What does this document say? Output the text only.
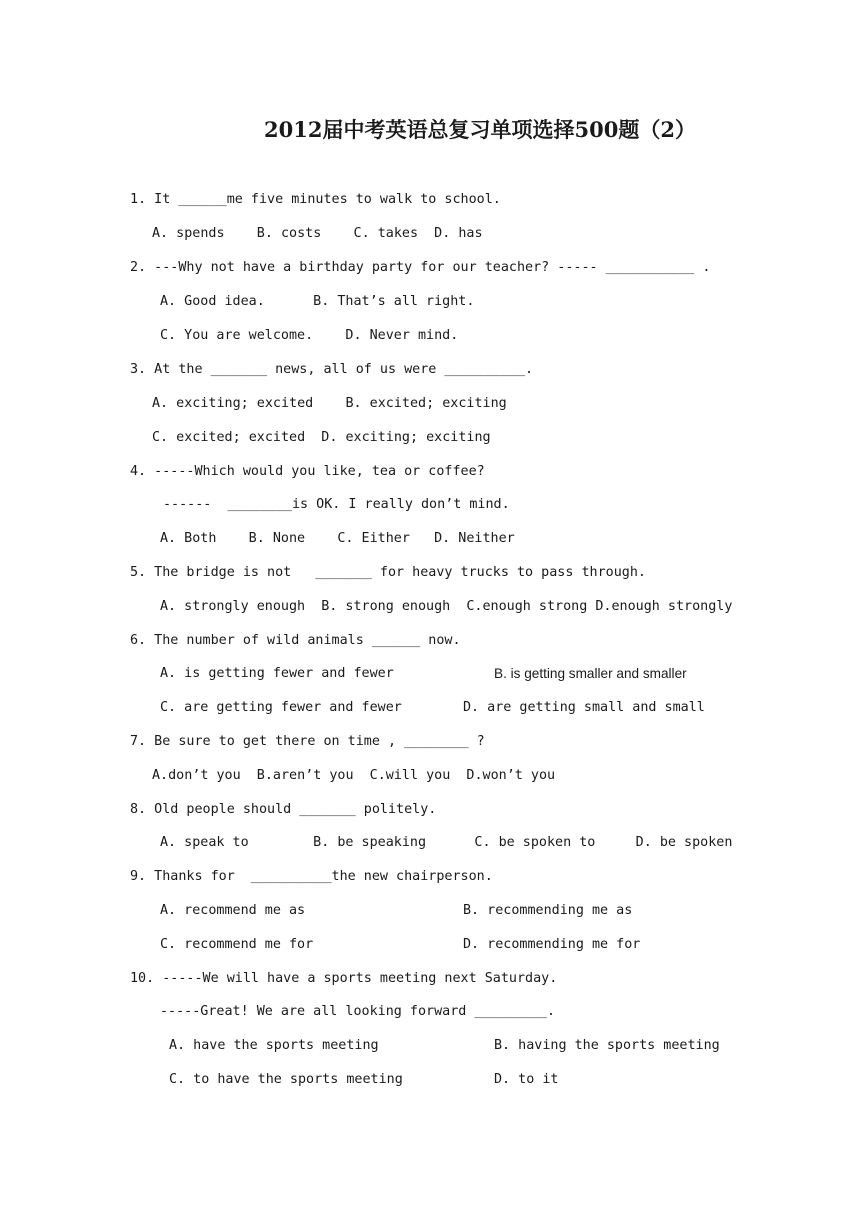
2012届中考英语总复习单项选择500题（2）
1. It ______me five minutes to walk to school.
A. spends    B. costs    C. takes  D. has
2. ---Why not have a birthday party for our teacher? ----- ___________ .
A. Good idea.      B. That’s all right.
C. You are welcome.    D. Never mind.
3. At the _______ news, all of us were __________.
A. exciting; excited    B. excited; exciting
C. excited; excited  D. exciting; exciting
4. -----Which would you like, tea or coffee?
------  ________is OK. I really don’t mind.
A. Both    B. None    C. Either   D. Neither
5. The bridge is not   _______ for heavy trucks to pass through.
A. strongly enough  B. strong enough  C.enough strong D.enough strongly
6. The number of wild animals ______ now.
A. is getting fewer and fewer	B. is getting smaller and smaller
C. are getting fewer and fewer	D. are getting small and small
7. Be sure to get there on time , ________ ?
A.don’t you  B.aren’t you  C.will you  D.won’t you
8. Old people should _______ politely.
A. speak to        B. be speaking      C. be spoken to     D. be spoken
9. Thanks for  __________the new chairperson.
A. recommend me as	B. recommending me as
C. recommend me for	D. recommending me for
10. -----We will have a sports meeting next Saturday.
-----Great! We are all looking forward _________.
A. have the sports meeting	B. having the sports meeting
C. to have the sports meeting	D. to it
